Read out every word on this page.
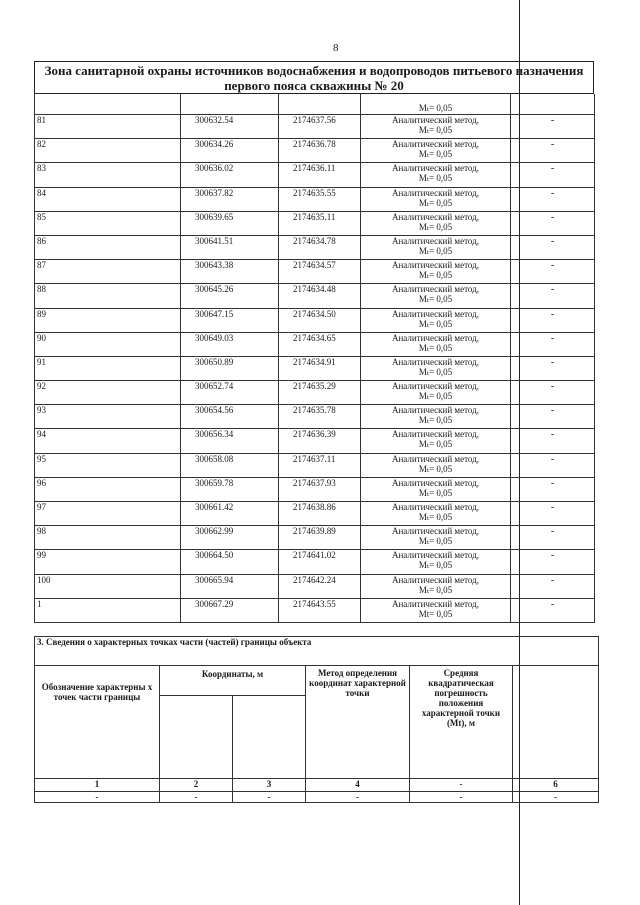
8
Зона санитарной охраны источников водоснабжения и водопроводов питьевого назначения первого пояса скважины № 20
			Mₜ= 0,05	
81	300632.54	2174637.56	Аналитический метод,
Mₜ= 0,05	-
82	300634.26	2174636.78	Аналитический метод,
Mₜ= 0,05	-
83	300636.02	2174636.11	Аналитический метод,
Mₜ= 0,05	-
84	300637.82	2174635.55	Аналитический метод,
Mₜ= 0,05	-
85	300639.65	2174635.11	Аналитический метод,
Mₜ= 0,05	-
86	300641.51	2174634.78	Аналитический метод,
Mₜ= 0,05	-
87	300643.38	2174634.57	Аналитический метод,
Mₜ= 0,05	-
88	300645.26	2174634.48	Аналитический метод,
Mₜ= 0,05	-
89	300647.15	2174634.50	Аналитический метод,
Mₜ= 0,05	-
90	300649.03	2174634.65	Аналитический метод,
Mₜ= 0,05	-
91	300650.89	2174634.91	Аналитический метод,
Mₜ= 0,05	-
92	300652.74	2174635.29	Аналитический метод,
Mₜ= 0,05	-
93	300654.56	2174635.78	Аналитический метод,
Mₜ= 0,05	-
94	300656.34	2174636.39	Аналитический метод,
Mₜ= 0,05	-
95	300658.08	2174637.11	Аналитический метод,
Mₜ= 0,05	-
96	300659.78	2174637.93	Аналитический метод,
Mₜ= 0,05	-
97	300661.42	2174638.86	Аналитический метод,
Mₜ= 0,05	-
98	300662.99	2174639.89	Аналитический метод,
Mₜ= 0,05	-
99	300664.50	2174641.02	Аналитический метод,
Mₜ= 0,05	-
100	300665.94	2174642.24	Аналитический метод,
Mₜ= 0,05	-
1	300667.29	2174643.55	Аналитический метод,
Mt= 0,05	-
3. Сведения о характерных точках части (частей) границы объекта					
Обозначение характерны х точек части границы	Координаты, м		Метод определения координат характерной точки	Средняя квадратическая погрешность положения характерной точки (Mt), м	

1	2	3	4	-	6
-	-	-	-	-	-
